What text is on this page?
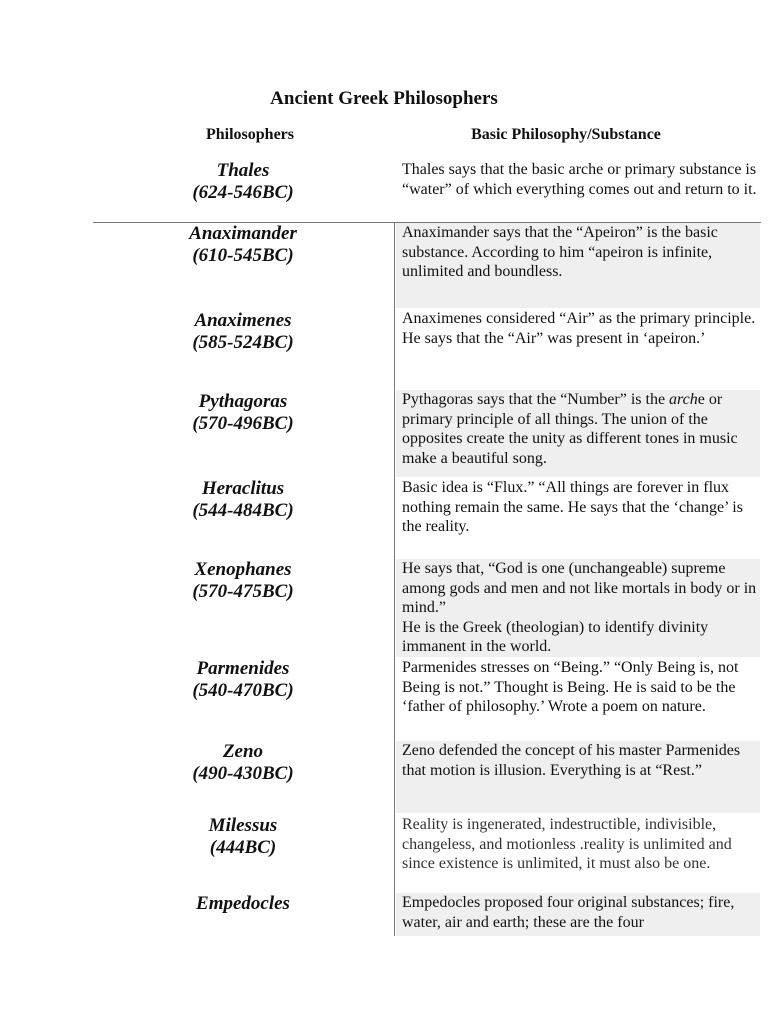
Ancient Greek Philosophers
Philosophers	Basic Philosophy/Substance
Thales
(624-546BC)
Thales says that the basic arche or primary substance is “water” of which everything comes out and return to it.
Anaximander
(610-545BC)
Anaximander says that the “Apeiron” is the basic substance. According to him “apeiron is infinite, unlimited and boundless.
Anaximenes
(585-524BC)
Anaximenes considered “Air” as the primary principle. He says that the “Air” was present in ‘apeiron.’
Pythagoras
(570-496BC)
Pythagoras says that the “Number” is the arche or primary principle of all things. The union of the opposites create the unity as different tones in music make a beautiful song.
Heraclitus
(544-484BC)
Basic idea is “Flux.” “All things are forever in flux nothing remain the same. He says that the ‘change’ is the reality.
Xenophanes
(570-475BC)
He says that, “God is one (unchangeable) supreme among gods and men and not like mortals in body or in mind.”
He is the Greek (theologian) to identify divinity immanent in the world.
Parmenides
(540-470BC)
Parmenides stresses on “Being.” “Only Being is, not Being is not.” Thought is Being. He is said to be the ‘father of philosophy.’ Wrote a poem on nature.
Zeno
(490-430BC)
Zeno defended the concept of his master Parmenides that motion is illusion. Everything is at “Rest.”
Milessus
(444BC)
Reality is ingenerated, indestructible, indivisible, changeless, and motionless .reality is unlimited and since existence is unlimited, it must also be one.
Empedocles	Empedocles proposed four original substances; fire, water, air and earth; these are the four
